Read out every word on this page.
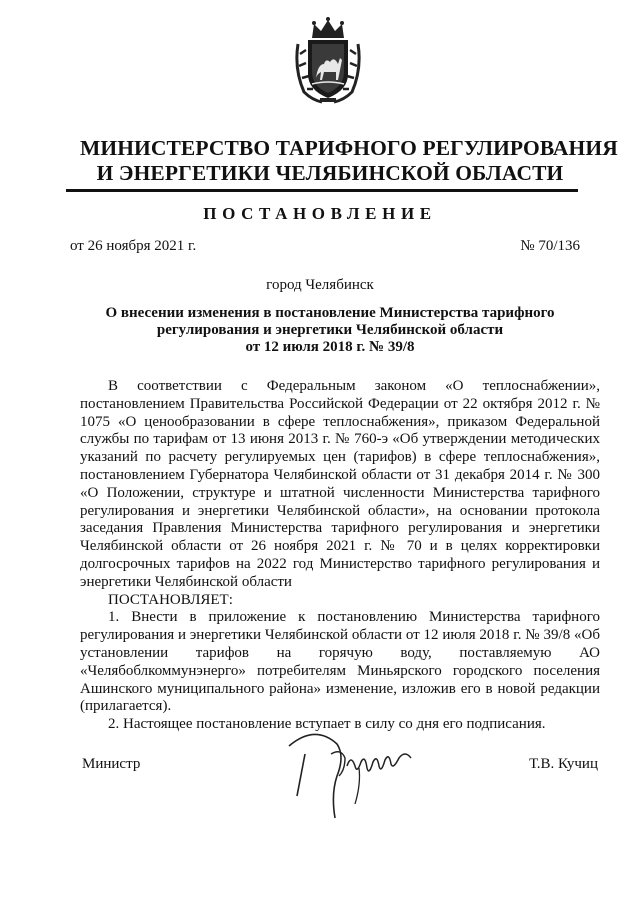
МИНИСТЕРСТВО ТАРИФНОГО РЕГУЛИРОВАНИЯ
И ЭНЕРГЕТИКИ ЧЕЛЯБИНСКОЙ ОБЛАСТИ
ПОСТАНОВЛЕНИЕ
от 26 ноября 2021 г.	№ 70/136
город Челябинск
О внесении изменения в постановление Министерства тарифного
регулирования и энергетики Челябинской области
от 12 июля 2018 г. № 39/8

В соответствии с Федеральным законом «О теплоснабжении», постановлением Правительства Российской Федерации от 22 октября 2012 г. № 1075 «О ценообразовании в сфере теплоснабжения», приказом Федеральной службы по тарифам от 13 июня 2013 г. № 760-э «Об утверждении методических указаний по расчету регулируемых цен (тарифов) в сфере теплоснабжения», постановлением Губернатора Челябинской области от 31 декабря 2014 г. № 300 «О Положении, структуре и штатной численности Министерства тарифного регулирования и энергетики Челябинской области», на основании протокола заседания Правления Министерства тарифного регулирования и энергетики Челябинской области от 26 ноября 2021 г. № 70 и в целях корректировки долгосрочных тарифов на 2022 год Министерство тарифного регулирования и энергетики Челябинской области

ПОСТАНОВЛЯЕТ:

1. Внести в приложение к постановлению Министерства тарифного регулирования и энергетики Челябинской области от 12 июля 2018 г. № 39/8 «Об установлении тарифов на горячую воду, поставляемую АО «Челябоблкоммунэнерго» потребителям Миньярского городского поселения Ашинского муниципального района» изменение, изложив его в новой редакции (прилагается).

2. Настоящее постановление вступает в силу со дня его подписания.

Министр	Т.В. Кучиц
